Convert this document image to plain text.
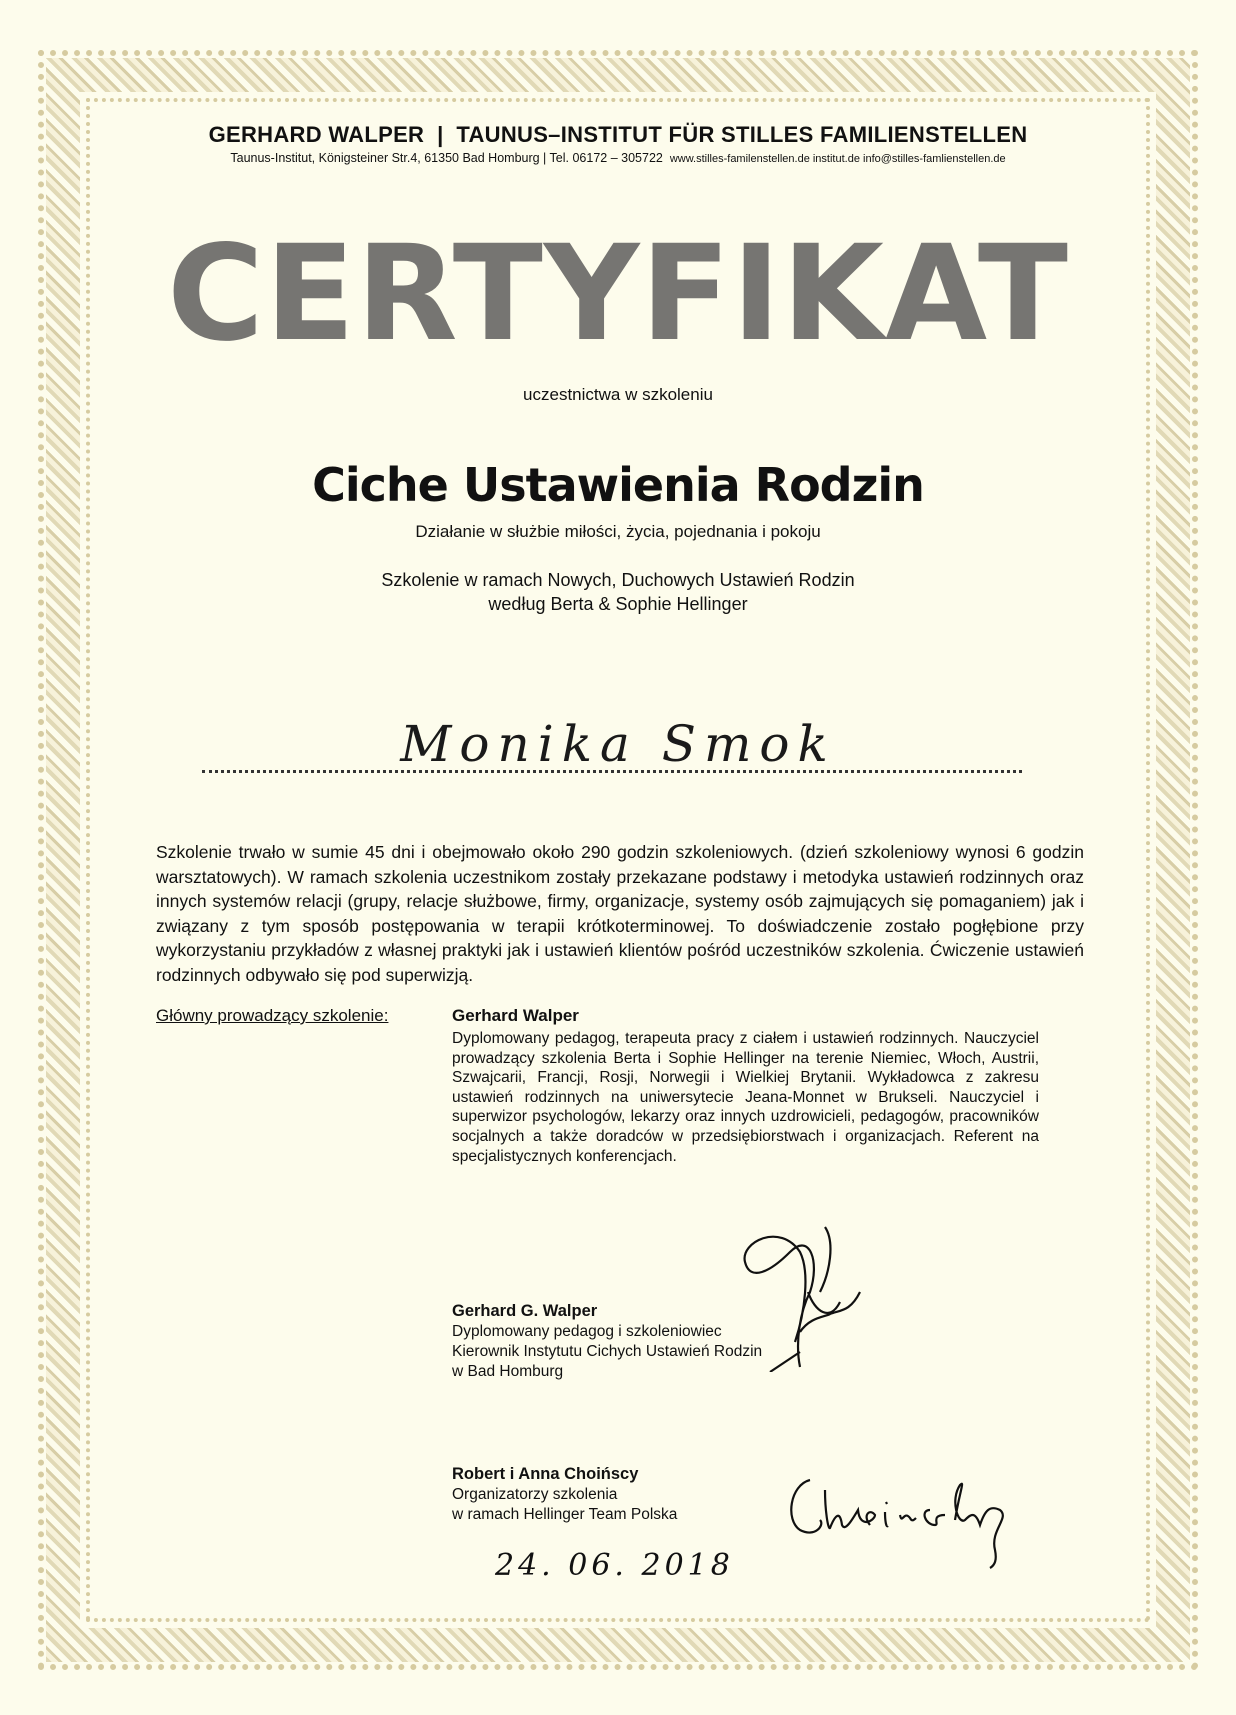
GERHARD WALPER  |  TAUNUS–INSTITUT FÜR STILLES FAMILIENSTELLEN
Taunus-Institut, Königsteiner Str.4, 61350 Bad Homburg | Tel. 06172 – 305722 www.stilles-familenstellen.de institut.de info@stilles-famlienstellen.de
CERTYFIKAT
uczestnictwa w szkoleniu
Ciche Ustawienia Rodzin
Działanie w służbie miłości, życia, pojednania i pokoju
Szkolenie w ramach Nowych, Duchowych Ustawień Rodzin
według Berta & Sophie Hellinger
Monika Smok
Szkolenie trwało w sumie 45 dni i obejmowało około 290 godzin szkoleniowych. (dzień szkoleniowy wynosi 6 godzin warsztatowych). W ramach szkolenia uczestnikom zostały przekazane podstawy i metodyka ustawień rodzinnych oraz innych systemów relacji (grupy, relacje służbowe, firmy, organizacje, systemy osób zajmujących się pomaganiem) jak i związany z tym sposób postępowania w terapii krótkoterminowej. To doświadczenie zostało pogłębione przy wykorzystaniu przykładów z własnej praktyki jak i ustawień klientów pośród uczestników szkolenia. Ćwiczenie ustawień rodzinnych odbywało się pod superwizją.
Główny prowadzący szkolenie:	Gerhard Walper
Dyplomowany pedagog, terapeuta pracy z ciałem i ustawień rodzinnych. Nauczyciel prowadzący szkolenia Berta i Sophie Hellinger na terenie Niemiec, Włoch, Austrii, Szwajcarii, Francji, Rosji, Norwegii i Wielkiej Brytanii. Wykładowca z zakresu ustawień rodzinnych na uniwersytecie Jeana-Monnet w Brukseli. Nauczyciel i superwizor psychologów, lekarzy oraz innych uzdrowicieli, pedagogów, pracowników socjalnych a także doradców w przedsiębiorstwach i organizacjach. Referent na specjalistycznych konferencjach.
Gerhard G. Walper
Dyplomowany pedagog i szkoleniowiec
Kierownik Instytutu Cichych Ustawień Rodzin
w Bad Homburg
Robert i Anna Choińscy
Organizatorzy szkolenia
w ramach Hellinger Team Polska
24. 06. 2018
